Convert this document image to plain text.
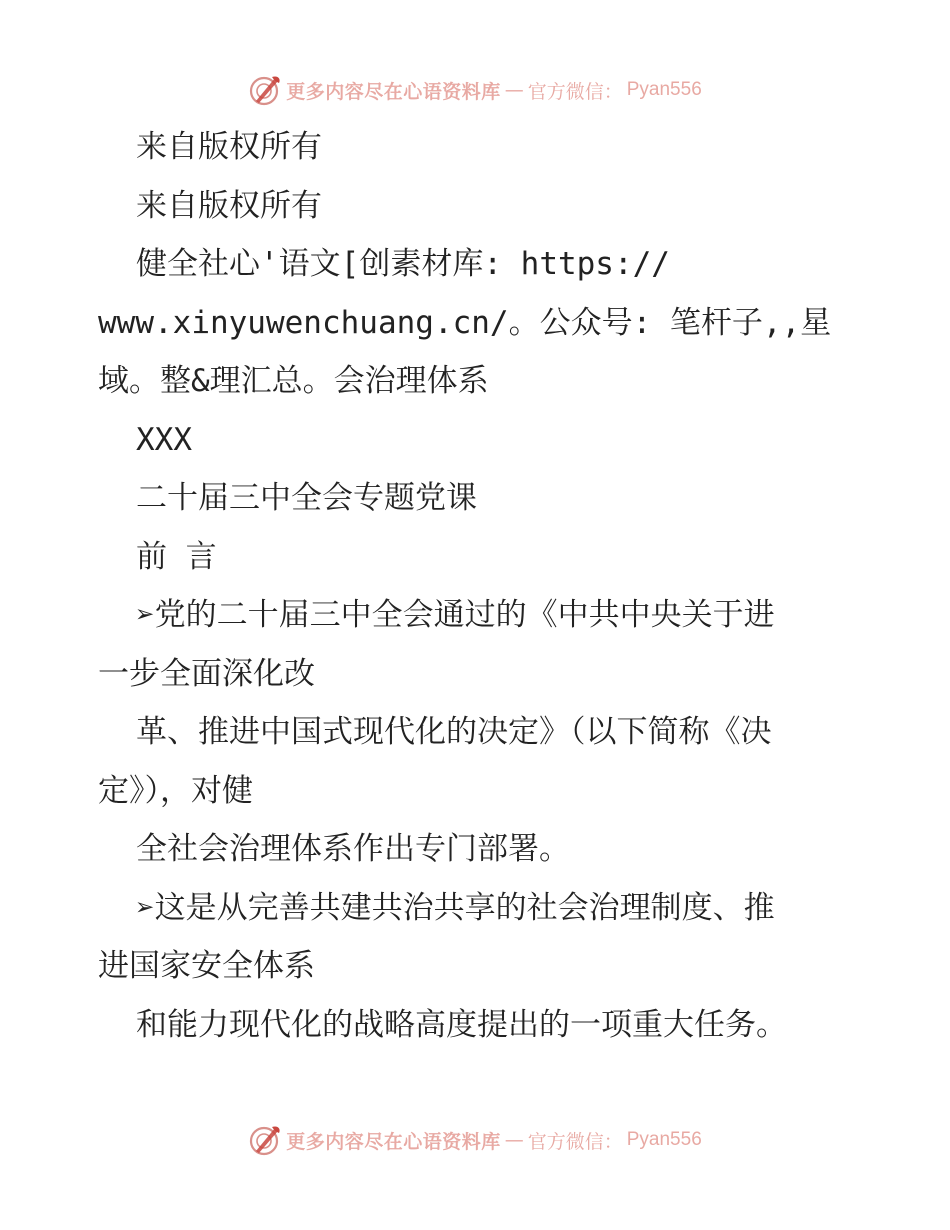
更多内容尽在心语资料库 — 官方微信： Pyan556

来自版权所有

来自版权所有

健全社心'语文[创素材库: https://

www.xinyuwenchuang.cn/。公众号: 笔杆子,,星

域。整&理汇总。会治理体系

XXX

二十届三中全会专题党课

前 言

➢党的二十届三中全会通过的《中共中央关于进

一步全面深化改

革、推进中国式现代化的决定》（以下简称《决

定》），对健

全社会治理体系作出专门部署。

➢这是从完善共建共治共享的社会治理制度、推

进国家安全体系

和能力现代化的战略高度提出的一项重大任务。

更多内容尽在心语资料库 — 官方微信： Pyan556
